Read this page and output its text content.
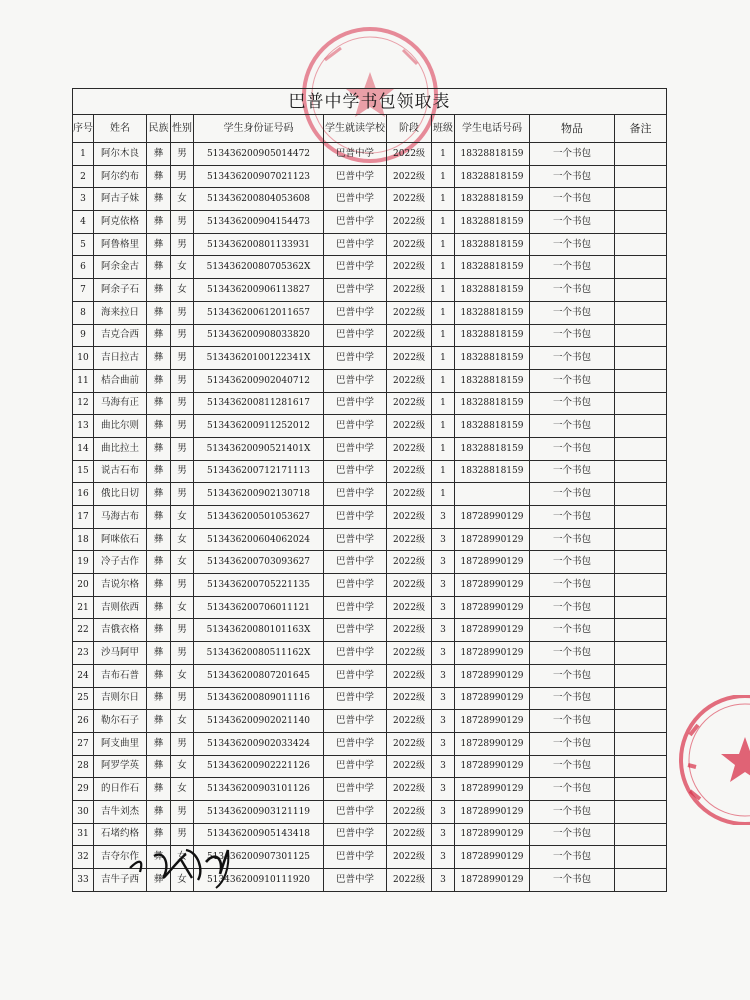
巴普中学书包领取表										
序号	姓名	民族	性别	学生身份证号码	学生就读学校	阶段	班级	学生电话号码	物品	备注
1	阿尔木良	彝	男	513436200905014472	巴普中学	2022级	1	18328818159	一个书包	
2	阿尔约布	彝	男	513436200907021123	巴普中学	2022级	1	18328818159	一个书包	
3	阿古子妹	彝	女	513436200804053608	巴普中学	2022级	1	18328818159	一个书包	
4	阿克依格	彝	男	513436200904154473	巴普中学	2022级	1	18328818159	一个书包	
5	阿鲁格里	彝	男	513436200801133931	巴普中学	2022级	1	18328818159	一个书包	
6	阿余金古	彝	女	51343620080705362X	巴普中学	2022级	1	18328818159	一个书包	
7	阿余子石	彝	女	513436200906113827	巴普中学	2022级	1	18328818159	一个书包	
8	海来拉日	彝	男	513436200612011657	巴普中学	2022级	1	18328818159	一个书包	
9	吉克合西	彝	男	513436200908033820	巴普中学	2022级	1	18328818159	一个书包	
10	吉日拉古	彝	男	51343620100122341X	巴普中学	2022级	1	18328818159	一个书包	
11	桔合曲前	彝	男	513436200902040712	巴普中学	2022级	1	18328818159	一个书包	
12	马海有正	彝	男	513436200811281617	巴普中学	2022级	1	18328818159	一个书包	
13	曲比尔则	彝	男	513436200911252012	巴普中学	2022级	1	18328818159	一个书包	
14	曲比拉土	彝	男	51343620090521401X	巴普中学	2022级	1	18328818159	一个书包	
15	说古石布	彝	男	513436200712171113	巴普中学	2022级	1	18328818159	一个书包	
16	俄比日切	彝	男	513436200902130718	巴普中学	2022级	1		一个书包	
17	马海古布	彝	女	513436200501053627	巴普中学	2022级	3	18728990129	一个书包	
18	阿咪依石	彝	女	513436200604062024	巴普中学	2022级	3	18728990129	一个书包	
19	冷子古作	彝	女	513436200703093627	巴普中学	2022级	3	18728990129	一个书包	
20	吉说尔格	彝	男	513436200705221135	巴普中学	2022级	3	18728990129	一个书包	
21	吉则依西	彝	女	513436200706011121	巴普中学	2022级	3	18728990129	一个书包	
22	吉俄衣格	彝	男	51343620080101163X	巴普中学	2022级	3	18728990129	一个书包	
23	沙马阿甲	彝	男	51343620080511162X	巴普中学	2022级	3	18728990129	一个书包	
24	吉布石普	彝	女	513436200807201645	巴普中学	2022级	3	18728990129	一个书包	
25	吉则尔日	彝	男	513436200809011116	巴普中学	2022级	3	18728990129	一个书包	
26	勒尔石子	彝	女	513436200902021140	巴普中学	2022级	3	18728990129	一个书包	
27	阿支曲里	彝	男	513436200902033424	巴普中学	2022级	3	18728990129	一个书包	
28	阿罗学英	彝	女	513436200902221126	巴普中学	2022级	3	18728990129	一个书包	
29	的日作石	彝	女	513436200903101126	巴普中学	2022级	3	18728990129	一个书包	
30	吉牛刘杰	彝	男	513436200903121119	巴普中学	2022级	3	18728990129	一个书包	
31	石堵约格	彝	男	513436200905143418	巴普中学	2022级	3	18728990129	一个书包	
32	吉夺尔作	彝	女	513436200907301125	巴普中学	2022级	3	18728990129	一个书包	
33	吉牛子西	彝	女	513436200910111920	巴普中学	2022级	3	18728990129	一个书包	
